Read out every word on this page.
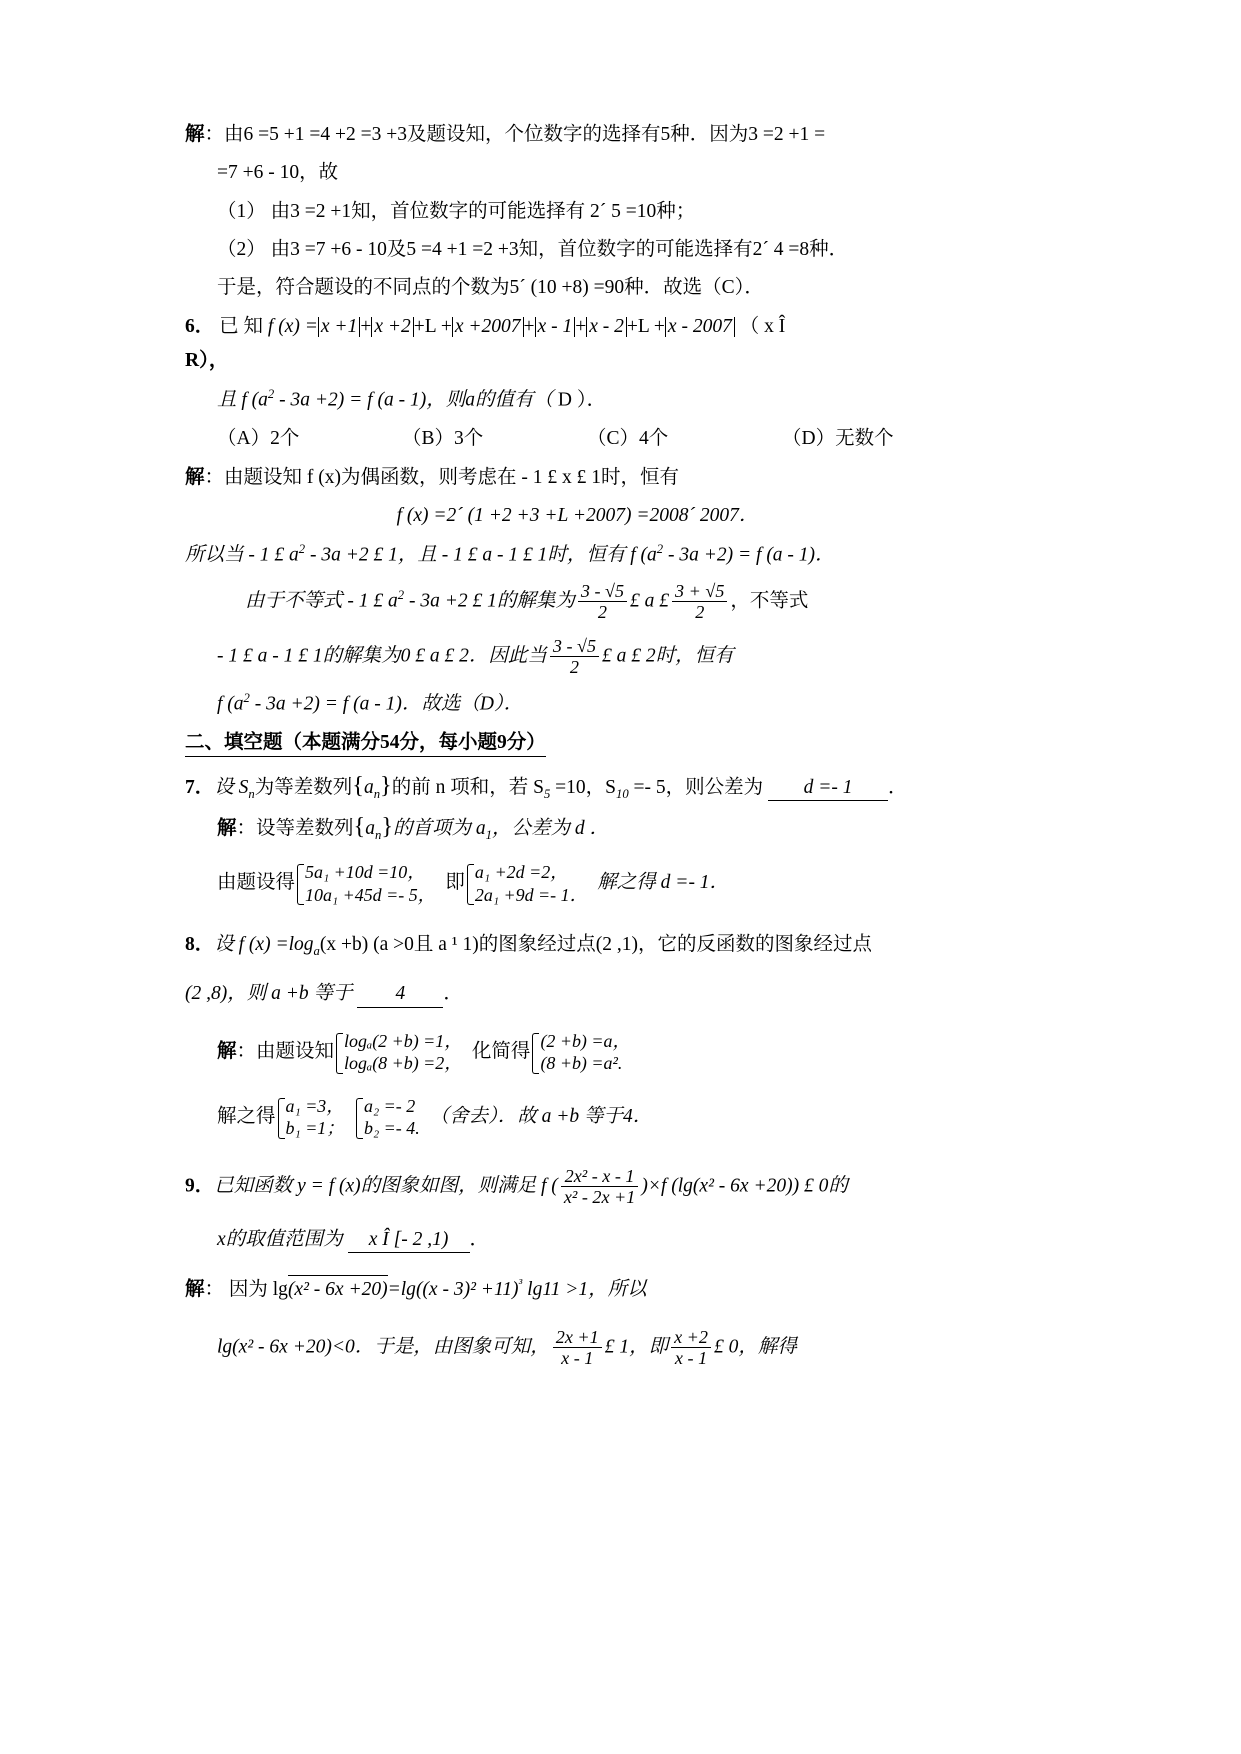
解：由6 =5 +1 =4 +2 =3 +3及题设知，个位数字的选择有5种．因为3 =2 +1 =
=7 +6 - 10，故
（1） 由3 =2 +1知，首位数字的可能选择有 2´ 5 =10种；
（2） 由3 =7 +6 - 10及5 =4 +1 =2 +3知，首位数字的可能选择有2´ 4 =8种．
于是，符合题设的不同点的个数为5´ (10 +8) =90种．故选（C）．
6． 已 知 f (x) = x +1 + x +2 +L + x +2007 + x - 1 + x - 2 +L + x - 2007 （ x Î
R），
且 f $(a^2 - 3a +2) = f$ (a - 1)，则a的值有（ D ）．
（A）2个	（B）3个	（C）4个	（D）无数个
解：由题设知 f (x)为偶函数，则考虑在 - 1 £ x £ 1时，恒有
f (x) =2´ (1 +2 +3 +L +2007) =2008´ 2007．
所以当 - 1 £ $a^2 - 3a +2$ £ 1，且 - 1 £ a - 1 £ 1时，恒有 f $(a^2 - 3a +2) = f$ (a - 1)．
由于不等式 - 1 £ $a^2 - 3a +2$ £ 1的解集为 $\frac{3 - √5}{2}$ £ a £ $\frac{3 + √5}{2}$ ，不等式
- 1 £ a - 1 £ 1的解集为0 £ a £ 2．因此当 $\frac{3 - √5}{2}$ £ a £ 2时，恒有
f $(a^2 - 3a +2) = f$ (a - 1)．故选（D）．
二、填空题（本题满分54分，每小题9分）
7．设 $S_n$为等差数列$\{a_n\}$的前 n 项和，若 $S_5 =10$，$S_{10} =- 5$，则公差为 d =- 1 ．
解：设等差数列$\{a_n\}$的首项为 $a_1$，公差为 d ．
由题设得 5a₁ +10d =10，
10a₁ +45d =- 5，
即 a₁ +2d =2，
2a₁ +9d =- 1．
解之得 d =- 1．
8．设 f $(x) =\log_a(x +b)$ (a >0且 a ¹ 1)的图象经过点(2 ,1)，它的反函数的图象经过点
(2 ,8)，则 a +b 等于 4 ．
解：由题设知 logₐ(2 +b) =1，
logₐ(8 +b) =2，
化简得 (2 +b) =a，
(8 +b) =a².
解之得 a₁ =3，
b₁ =1；

a₂ =- 2
b₂ =- 4.
（舍去）．故 a +b 等于4．
9．已知函数 y = f (x)的图象如图，则满足 f ( $\frac{\text{2x² - x - 1}}{\text{x² - 2x +1}} )\times f$ (lg(x² - 6x +20)) £ 0的
x的取值范围为 x Î [- 2 ,1) ．
解： 因为 $\lg(x^2 - 6x +20)=\lg((x - 3)^2 +11)^{^3}$ lg11 >1，所以
lg(x² - 6x +20)<0．于是，由图象可知， $\frac{2x +1}{x - 1}$ £ 1，即 $\frac{x +2}{x - 1}$ £ 0，解得
